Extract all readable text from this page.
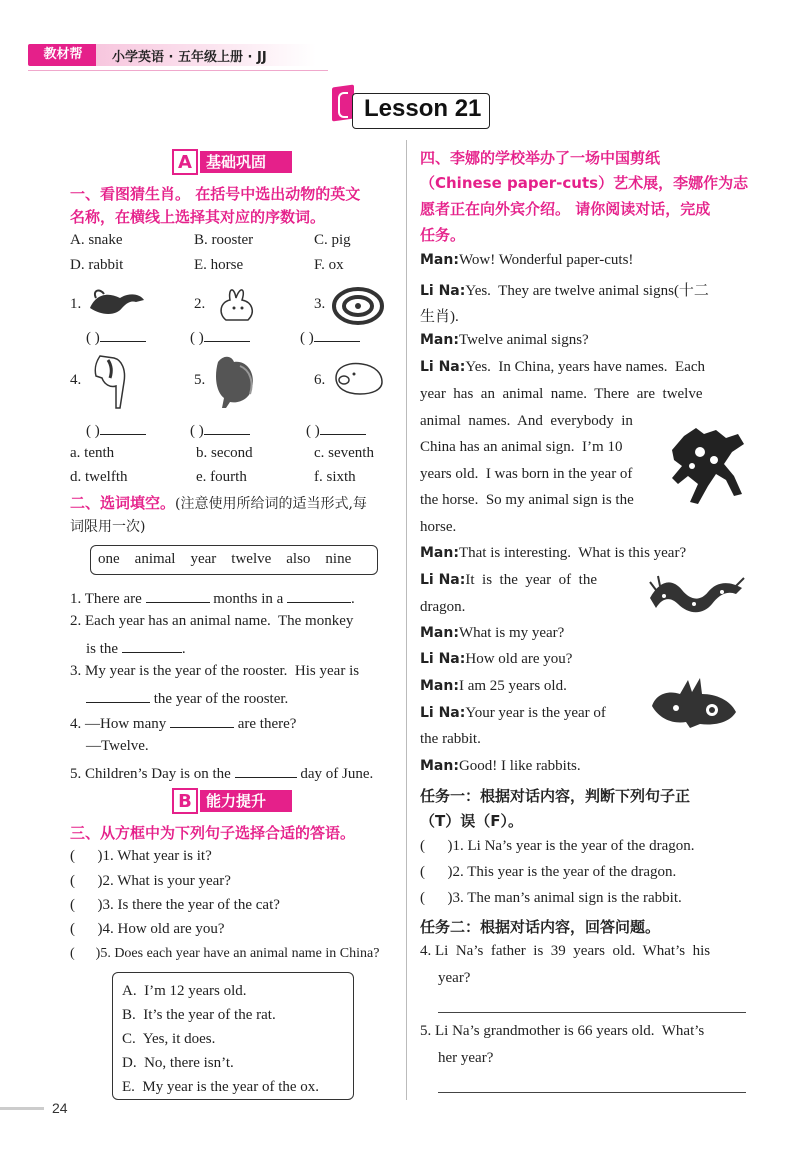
教材帮	小学英语 · 五年级上册 · JJ
Lesson 21
A 基础巩固
一、看图猜生肖。 在括号中选出动物的英文
名称，在横线上选择其对应的序数词。
A. snake	B. rooster	C. pig
D. rabbit	E. horse	F. ox
1.	2.	3.
( )	( )	( )
4.	5.	6.
( )	( )	( )
a. tenth	b. second	c. seventh
d. twelfth	e. fourth	f. sixth
二、选词填空。(注意使用所给词的适当形式,每
词限用一次)
one    animal    year    twelve    also    nine
1. There are	months in a	.
2. Each year has an animal name.  The monkey
is the	.
3. My year is the year of the rooster.  His year is
the year of the rooster.
4. —How many	are there?
—Twelve.
5. Children’s Day is on the	day of June.
B 能力提升
三、从方框中为下列句子选择合适的答语。
(      )1. What year is it?
(      )2. What is your year?
(      )3. Is there the year of the cat?
(      )4. How old are you?
(      )5. Does each year have an animal name in China?
A.  I’m 12 years old.
B.  It’s the year of the rat.
C.  Yes, it does.
D.  No, there isn’t.
E.  My year is the year of the ox.
四、李娜的学校举办了一场中国剪纸
（Chinese paper-cuts）艺术展，李娜作为志
愿者正在向外宾介绍。 请你阅读对话，完成
任务。
Man:Wow! Wonderful paper-cuts!
Li Na:Yes.  They are twelve animal signs(十二
生肖).
Man:Twelve animal signs?
Li Na:Yes.  In China, years have names.  Each
year  has  an  animal  name.  There  are  twelve
animal  names.  And  everybody  in
China has an animal sign.  I’m 10
years old.  I was born in the year of
the horse.  So my animal sign is the
horse.
Man:That is interesting.  What is this year?
Li Na:It  is  the  year  of  the
dragon.
Man:What is my year?
Li Na:How old are you?
Man:I am 25 years old.
Li Na:Your year is the year of
the rabbit.
Man:Good! I like rabbits.
任务一：根据对话内容，判断下列句子正
（T）误（F）。
(      )1. Li Na’s year is the year of the dragon.
(      )2. This year is the year of the dragon.
(      )3. The man’s animal sign is the rabbit.
任务二：根据对话内容，回答问题。
4. Li  Na’s  father  is  39  years  old.  What’s  his
year?
5. Li Na’s grandmother is 66 years old.  What’s
her year?
24
